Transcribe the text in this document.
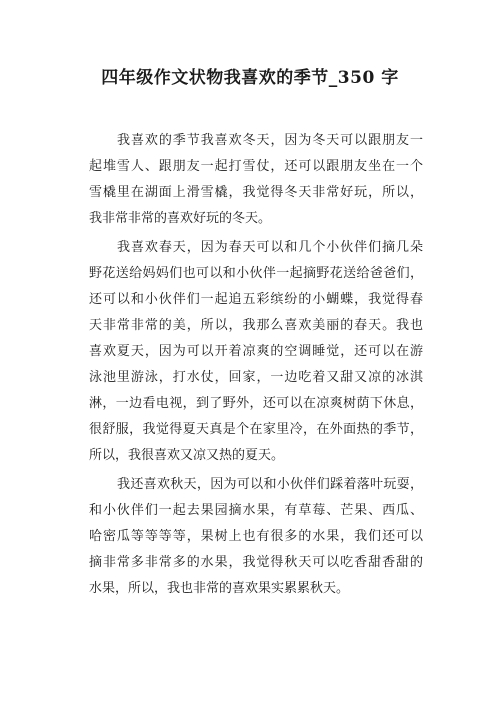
四年级作文状物我喜欢的季节_350 字
我喜欢的季节我喜欢冬天，因为冬天可以跟朋友一
起堆雪人、跟朋友一起打雪仗，还可以跟朋友坐在一个
雪橇里在湖面上滑雪橇，我觉得冬天非常好玩，所以，
我非常非常的喜欢好玩的冬天。
我喜欢春天，因为春天可以和几个小伙伴们摘几朵
野花送给妈妈们也可以和小伙伴一起摘野花送给爸爸们，
还可以和小伙伴们一起追五彩缤纷的小蝴蝶，我觉得春
天非常非常的美，所以，我那么喜欢美丽的春天。我也
喜欢夏天，因为可以开着凉爽的空调睡觉，还可以在游
泳池里游泳，打水仗，回家，一边吃着又甜又凉的冰淇
淋，一边看电视，到了野外，还可以在凉爽树荫下休息，
很舒服，我觉得夏天真是个在家里冷，在外面热的季节，
所以，我很喜欢又凉又热的夏天。
我还喜欢秋天，因为可以和小伙伴们踩着落叶玩耍，
和小伙伴们一起去果园摘水果，有草莓、芒果、西瓜、
哈密瓜等等等等，果树上也有很多的水果，我们还可以
摘非常多非常多的水果，我觉得秋天可以吃香甜香甜的
水果，所以，我也非常的喜欢果实累累秋天。
